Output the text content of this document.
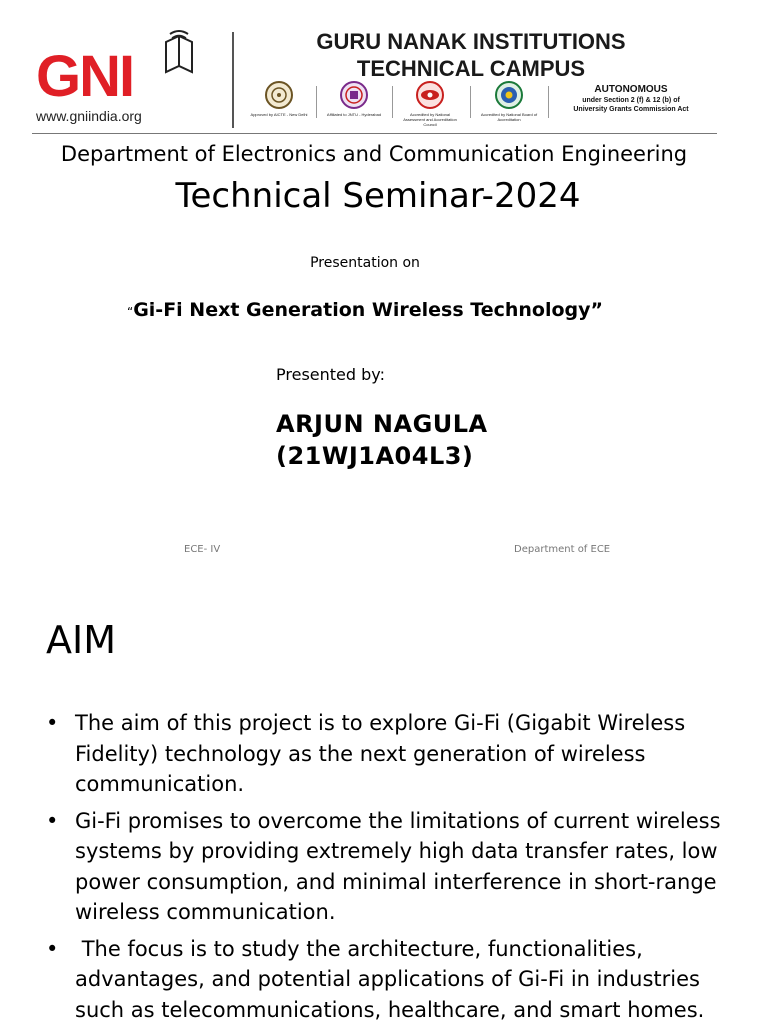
GNI
www.gniindia.org
GURU NANAK INSTITUTIONS
TECHNICAL CAMPUS
Approved by AICTE - New Delhi	Affiliated to JNTU - Hyderabad	Accredited by National Assessment and Accreditation Council
Accredited by National Board of Accreditation
AUTONOMOUS
under Section 2 (f) & 12 (b) of
University Grants Commission Act
Department of Electronics and Communication Engineering
Technical Seminar-2024
Presentation on
“Gi-Fi Next Generation Wireless Technology”
Presented by:
ARJUN NAGULA
(21WJ1A04L3)
ECE- IV	Department of ECE
AIM
• The aim of this project is to explore Gi-Fi (Gigabit Wireless Fidelity) technology as the next generation of wireless communication.
• Gi-Fi promises to overcome the limitations of current wireless systems by providing extremely high data transfer rates, low power consumption, and minimal interference in short-range wireless communication.
• The focus is to study the architecture, functionalities, advantages, and potential applications of Gi-Fi in industries such as telecommunications, healthcare, and smart homes.
